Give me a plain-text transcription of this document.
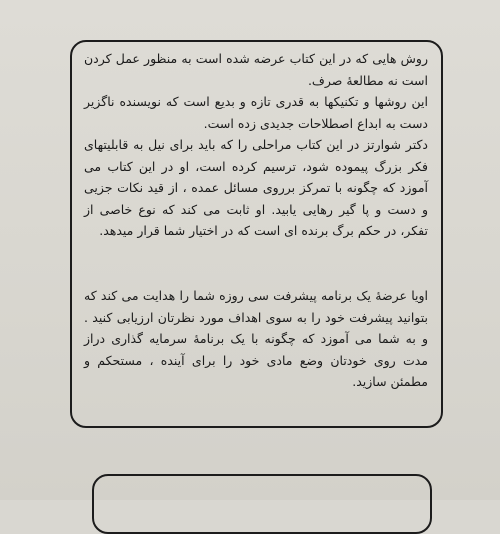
روش هایی که در این کتاب عرضه شده است به منظور عمل کردن است نه مطالعهٔ صرف.

این روشها و تکنیکها به قدری تازه و بدیع است که نویسنده ناگزیر دست به ابداع اصطلاحات جدیدی زده است.

دکتر شوارتز در این کتاب مراحلی را که باید برای نیل به قابلیتهای فکر بزرگ پیموده شود، ترسیم کرده است، او در این کتاب می آموزد که چگونه با تمرکز برروی مسائل عمده ، از قید نکات جزیی و دست و پا گیر رهایی یابید. او ثابت می کند که نوع خاصی از تفکر، در حکم برگ برنده ای است که در اختیار شما قرار میدهد.

اویا عرضهٔ یک برنامه پیشرفت سی روزه شما را هدایت می کند که بتوانید پیشرفت خود را به سوی اهداف مورد نظرتان ارزیابی کنید . و به شما می آموزد که چگونه با یک برنامهٔ سرمایه گذاری دراز مدت روی خودتان وضع مادی خود را برای آینده ، مستحکم و مطمئن سازید.
